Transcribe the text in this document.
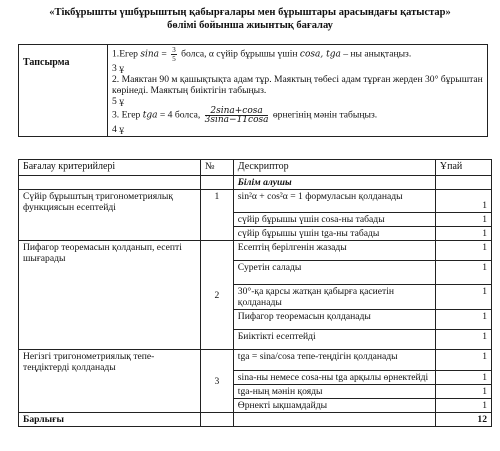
«Тікбұрышты үшбұрыштың қабырғалары мен бұрыштары арасындағы қатыстар»
бөлімі бойынша жиынтық бағалау
Тапсырма	
1.Егер $\sin a = \frac{3}{5}$ болса, α сүйір бұрышы үшін cosa, tga – ны анықтаңыз.
3 ұ
2. Маяктан 90 м қашықтықта адам тұр. Маяктың төбесі адам тұрған жерден 30° бұрыштан көрінеді. Маяктың биіктігін табыңыз.
5 ұ
3. Егер tga = 4 болса, $\frac{2\sin a+\cos a}{3\sin a-11\cos a}$ өрнегінің мәнін табыңыз.
4 ұ
Бағалау критерийлері	№	Дескриптор	Ұпай
		Білім алушы	
Сүйір бұрыштың тригонометриялық функциясын есептейді	1	sin²α + cos²α = 1 формуласын қолданады	1
		сүйір бұрышы үшін cosa-ны табады	1
		сүйір бұрышы үшін tga-ны табады	1
Пифагор теоремасын қолданып, есепті шығарады	2	Есептің берілгенін жазады	1
		Суретін салады	1
		30°-қа қарсы жатқан қабырға қасиетін қолданады	1
		Пифагор теоремасын қолданады	1
		Биіктікті есептейді	1
Негізгі тригонометриялық тепе-теңдіктерді қолданады	3	tga = sina/cosa тепе-теңдігін қолданады	1
		sina-ны немесе cosa-ны tga арқылы өрнектейді	1
		tga-ның мәнін қояды	1
		Өрнекті ықшамдайды	1
Барлығы			12
